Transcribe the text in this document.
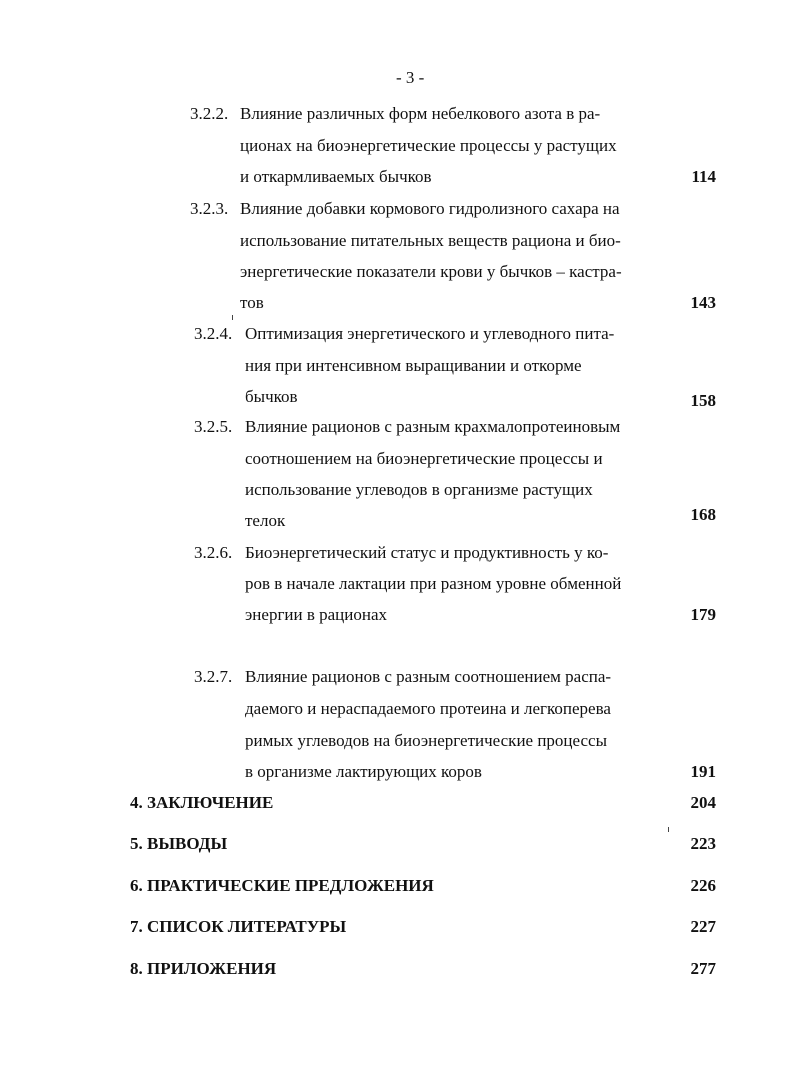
- 3 -
3.2.2. Влияние различных форм небелкового азота в ра-
ционах на биоэнергетические процессы у растущих
и откармливаемых бычков	114
3.2.3. Влияние добавки кормового гидролизного сахара на
использование питательных веществ рациона и био-
энергетические показатели крови у бычков – кастра-
тов	143
3.2.4. Оптимизация энергетического и углеводного пита-
ния при интенсивном выращивании и откорме
бычков	158
3.2.5. Влияние рационов с разным крахмалопротеиновым
соотношением на биоэнергетические процессы и
использование углеводов в организме растущих
телок	168
3.2.6. Биоэнергетический статус и продуктивность у ко-
ров в начале лактации при разном уровне обменной
энергии в рационах	179
3.2.7. Влияние рационов с разным соотношением распа-
даемого и нераспадаемого протеина и легкоперева
римых углеводов на биоэнергетические процессы
в организме лактирующих коров	191
4. ЗАКЛЮЧЕНИЕ	204
5. ВЫВОДЫ	223
6. ПРАКТИЧЕСКИЕ ПРЕДЛОЖЕНИЯ	226
7. СПИСОК ЛИТЕРАТУРЫ	227
8. ПРИЛОЖЕНИЯ	277
